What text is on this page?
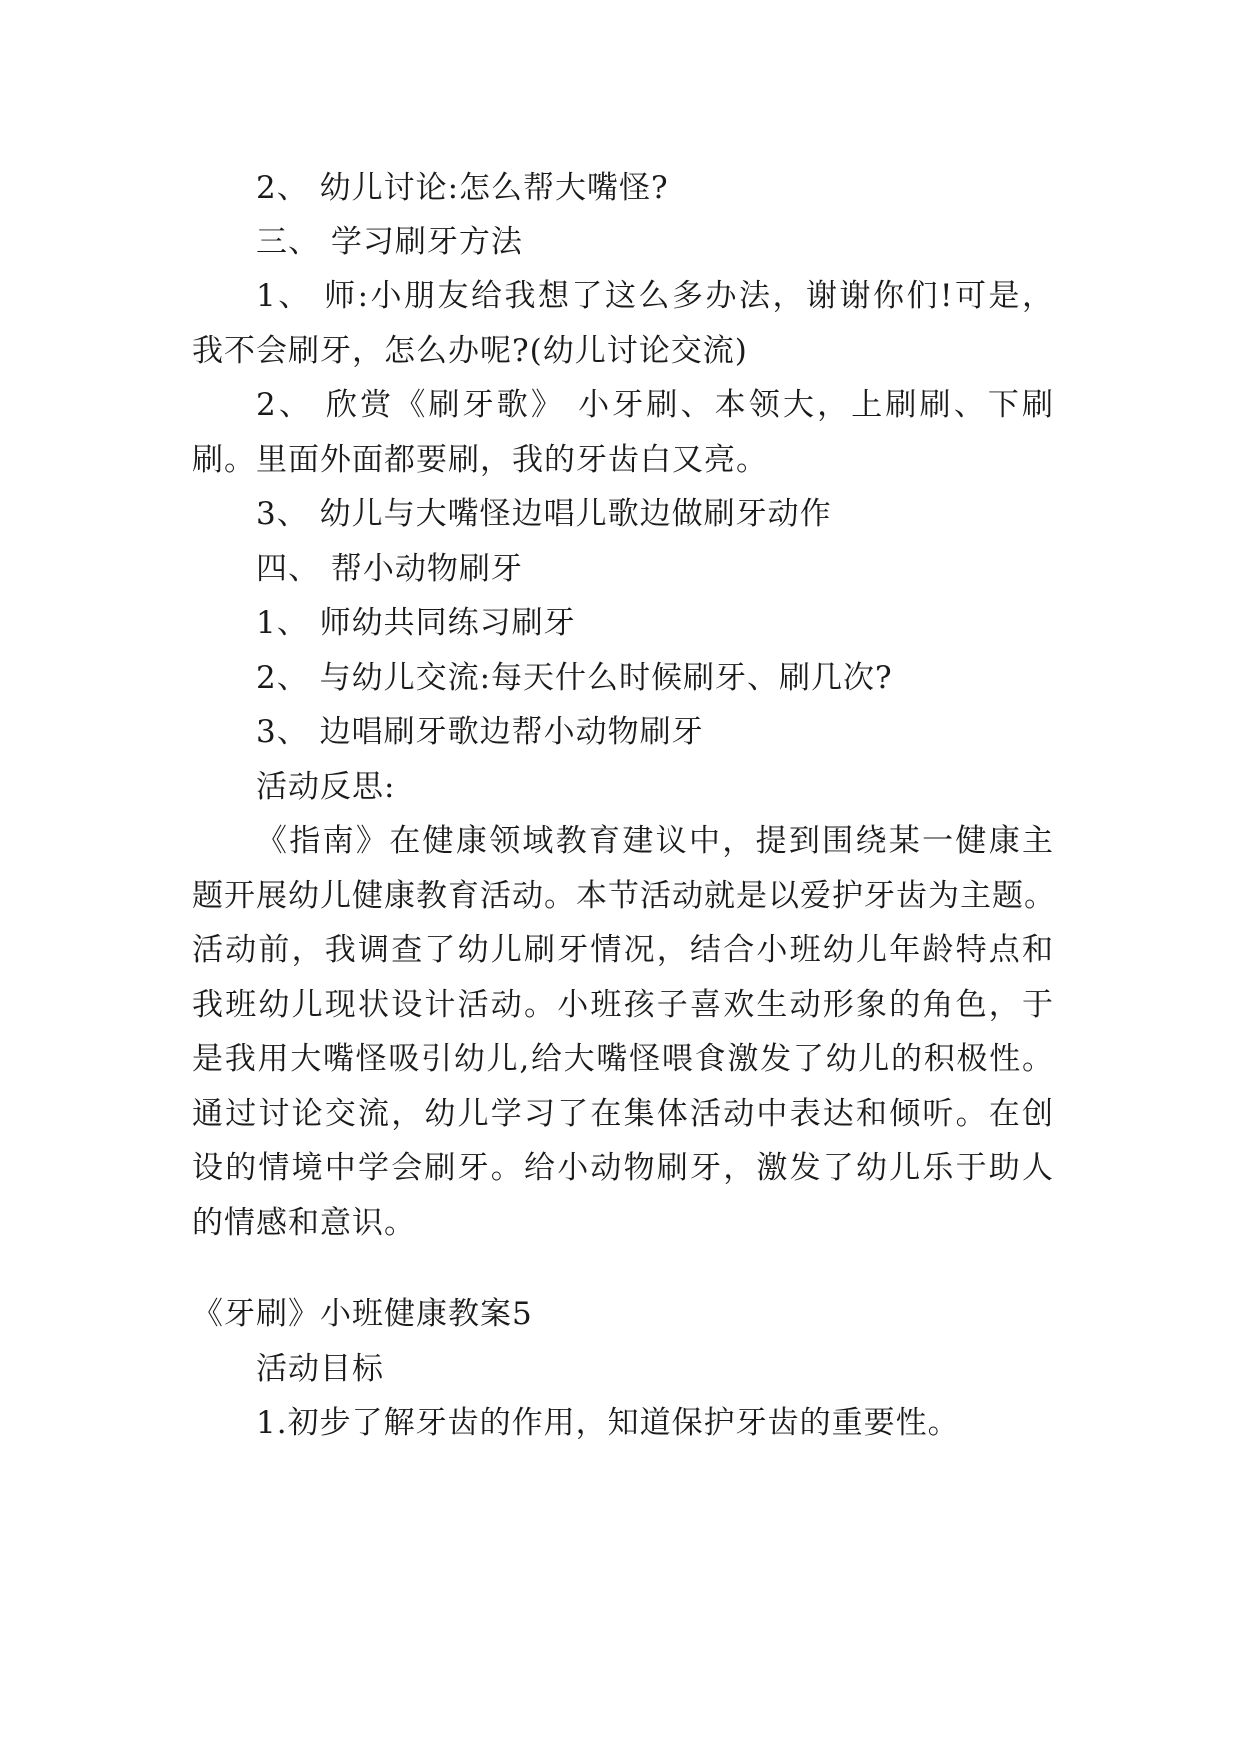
2、 幼儿讨论:怎么帮大嘴怪?
三、 学习刷牙方法
1、 师:小朋友给我想了这么多办法，谢谢你们!可是，
我不会刷牙，怎么办呢?(幼儿讨论交流)
2、 欣赏《刷牙歌》 小牙刷、本领大，上刷刷、下刷
刷。里面外面都要刷，我的牙齿白又亮。
3、 幼儿与大嘴怪边唱儿歌边做刷牙动作
四、 帮小动物刷牙
1、 师幼共同练习刷牙
2、 与幼儿交流:每天什么时候刷牙、刷几次?
3、 边唱刷牙歌边帮小动物刷牙
活动反思:
《指南》在健康领域教育建议中，提到围绕某一健康主
题开展幼儿健康教育活动。本节活动就是以爱护牙齿为主题。
活动前，我调查了幼儿刷牙情况，结合小班幼儿年龄特点和
我班幼儿现状设计活动。小班孩子喜欢生动形象的角色，于
是我用大嘴怪吸引幼儿,给大嘴怪喂食激发了幼儿的积极性。
通过讨论交流，幼儿学习了在集体活动中表达和倾听。在创
设的情境中学会刷牙。给小动物刷牙，激发了幼儿乐于助人
的情感和意识。
《牙刷》小班健康教案5
活动目标
1.初步了解牙齿的作用，知道保护牙齿的重要性。
